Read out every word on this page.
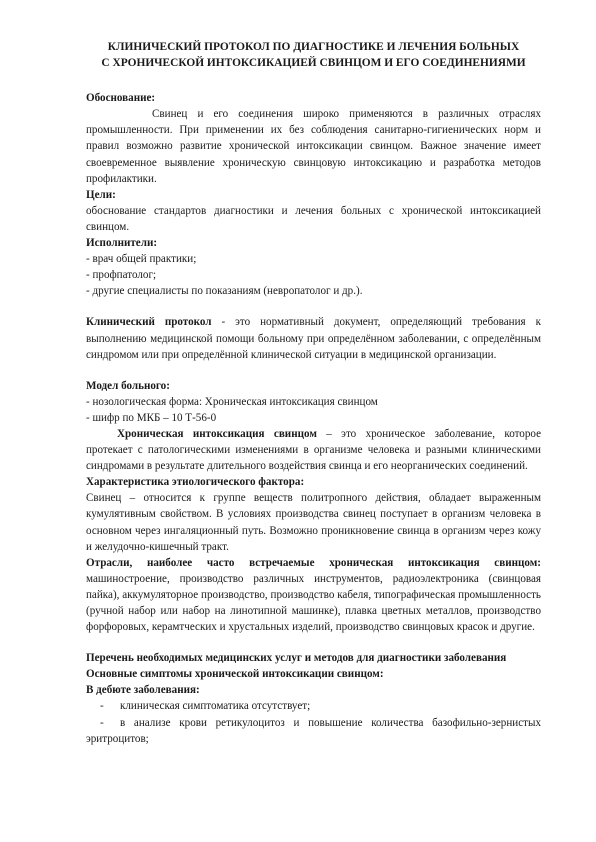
КЛИНИЧЕСКИЙ ПРОТОКОЛ ПО ДИАГНОСТИКЕ И ЛЕЧЕНИЯ БОЛЬНЫХ
С ХРОНИЧЕСКОЙ ИНТОКСИКАЦИЕЙ СВИНЦОМ И ЕГО СОЕДИНЕНИЯМИ

Обоснование:

Свинец и его соединения широко применяются в различных отраслях промышленности. При применении их без соблюдения санитарно-гигиенических норм и правил возможно развитие хронической интоксикации свинцом. Важное значение имеет своевременное выявление хроническую свинцовую интоксикацию и разработка методов профилактики.

Цели:

обоснование стандартов диагностики и лечения больных с хронической интоксикацией свинцом.

Исполнители:

- врач общей практики;

- профпатолог;

- другие специалисты по показаниям (невропатолог и др.).

Клинический протокол - это нормативный документ, определяющий требования к выполнению медицинской помощи больному при определённом заболевании, с определённым синдромом или при определённой клинической ситуации в медицинской организации.

Модел больного:

- нозологическая форма: Хроническая интоксикация свинцом

- шифр по МКБ – 10 Т-56-0

Хроническая интоксикация свинцом – это хроническое заболевание, которое протекает с патологическими изменениями в организме человека и разными клиническими синдромами в результате длительного воздействия свинца и его неорганических соединений.

Характеристика этиологического фактора:

Свинец – относится к группе веществ политропного действия, обладает выраженным кумулятивным свойством. В условиях производства свинец поступает в организм человека в основном через ингаляционный путь. Возможно проникновение свинца в организм через кожу и желудочно-кишечный тракт.

Отрасли, наиболее часто встречаемые хроническая интоксикация свинцом: машиностроение, производство различных инструментов, радиоэлектроника (свинцовая пайка), аккумуляторное производство, производство кабеля, типографическая промышленность (ручной набор или набор на линотипной машинке), плавка цветных металлов, производство форфоровых, керамтческих и хрустальных изделий, производство свинцовых красок и другие.

Перечень необходимых медицинских услуг и методов для диагностики заболевания

Основные симптомы хронической интоксикации свинцом:

В дебюте заболевания:

-	клиническая симптоматика отсутствует;

- в анализе крови ретикулоцитоз и повышение количества базофильно-зернистых эритроцитов;
